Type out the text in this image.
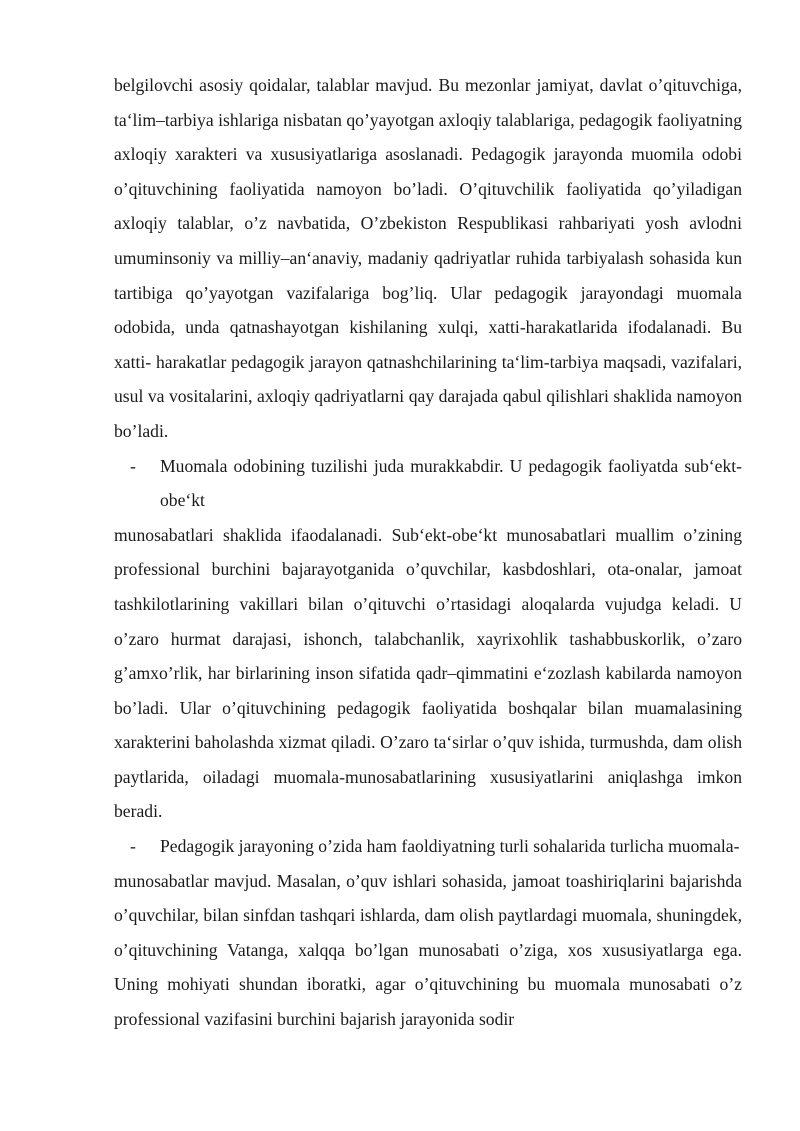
belgilovchi asosiy qoidalar, talablar mavjud. Bu mezonlar jamiyat, davlat o’qituvchiga, ta‘lim–tarbiya ishlariga nisbatan qo’yayotgan axloqiy talablariga, pedagogik faoliyatning axloqiy xarakteri va xususiyatlariga asoslanadi. Pedagogik jarayonda muomila odobi o’qituvchining faoliyatida namoyon bo’ladi. O’qituvchilik faoliyatida qo’yiladigan axloqiy talablar, o’z navbatida, O’zbekiston Respublikasi rahbariyati yosh avlodni umuminsoniy va milliy–an‘anaviy, madaniy qadriyatlar ruhida tarbiyalash sohasida kun tartibiga qo’yayotgan vazifalariga bog’liq. Ular pedagogik jarayondagi muomala odobida, unda qatnashayotgan kishilaning xulqi, xatti-harakatlarida ifodalanadi. Bu xatti- harakatlar pedagogik jarayon qatnashchilarining ta‘lim-tarbiya maqsadi, vazifalari, usul va vositalarini, axloqiy qadriyatlarni qay darajada qabul qilishlari shaklida namoyon bo’ladi.

- Muomala odobining tuzilishi juda murakkabdir. U pedagogik faoliyatda sub‘ekt-obe‘kt

munosabatlari shaklida ifaodalanadi. Sub‘ekt-obe‘kt munosabatlari muallim o’zining professional burchini bajarayotganida o’quvchilar, kasbdoshlari, ota-onalar, jamoat tashkilotlarining vakillari bilan o’qituvchi o’rtasidagi aloqalarda vujudga keladi. U o’zaro hurmat darajasi, ishonch, talabchanlik, xayrixohlik tashabbuskorlik, o’zaro g’amxo’rlik, har birlarining inson sifatida qadr–qimmatini e‘zozlash kabilarda namoyon bo’ladi. Ular o’qituvchining pedagogik faoliyatida boshqalar bilan muamalasining xarakterini baholashda xizmat qiladi. O’zaro ta‘sirlar o’quv ishida, turmushda, dam olish paytlarida, oiladagi muomala-munosabatlarining xususiyatlarini aniqlashga imkon beradi.

- Pedagogik jarayoning o’zida ham faoldiyatning turli sohalarida turlicha muomala-

munosabatlar mavjud. Masalan, o’quv ishlari sohasida, jamoat toashiriqlarini bajarishda o’quvchilar, bilan sinfdan tashqari ishlarda, dam olish paytlardagi muomala, shuningdek, o’qituvchining Vatanga, xalqqa bo’lgan munosabati o’ziga, xos xususiyatlarga ega. Uning mohiyati shundan iboratki, agar o’qituvchining bu muomala munosabati o’z professional vazifasini burchini bajarish jarayonida sodir
